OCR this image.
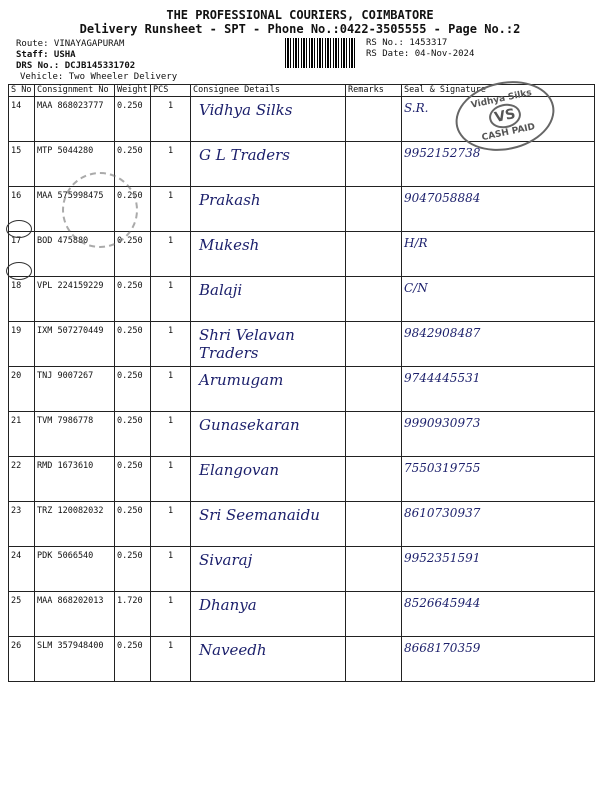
THE PROFESSIONAL COURIERS, COIMBATORE
Delivery Runsheet - SPT - Phone No.:0422-3505555 - Page No.:2
Route: VINAYAGAPURAM
Staff: USHA
DRS No.: DCJB145331702
Vehicle: Two Wheeler Delivery
RS No.: 1453317
RS Date: 04-Nov-2024
S No	Consignment No	Weight	PCS	Consignee Details	Remarks	Seal & Signature
14	MAA 868023777	0.250	1	Vidhya Silks		S.R.
15	MTP 5044280	0.250	1	G L Traders		9952152738
16	MAA 575998475	0.250	1	Prakash		9047058884
17	BOD 475880	0.250	1	Mukesh		H/R
18	VPL 224159229	0.250	1	Balaji		C/N
19	IXM 507270449	0.250	1	Shri Velavan Traders		9842908487
20	TNJ 9007267	0.250	1	Arumugam		9744445531
21	TVM 7986778	0.250	1	Gunasekaran		9990930973
22	RMD 1673610	0.250	1	Elangovan		7550319755
23	TRZ 120082032	0.250	1	Sri Seemanaidu		8610730937
24	PDK 5066540	0.250	1	Sivaraj		9952351591
25	MAA 868202013	1.720	1	Dhanya		8526645944
26	SLM 357948400	0.250	1	Naveedh		8668170359
Vidhya Silks
VS
CASH PAID
